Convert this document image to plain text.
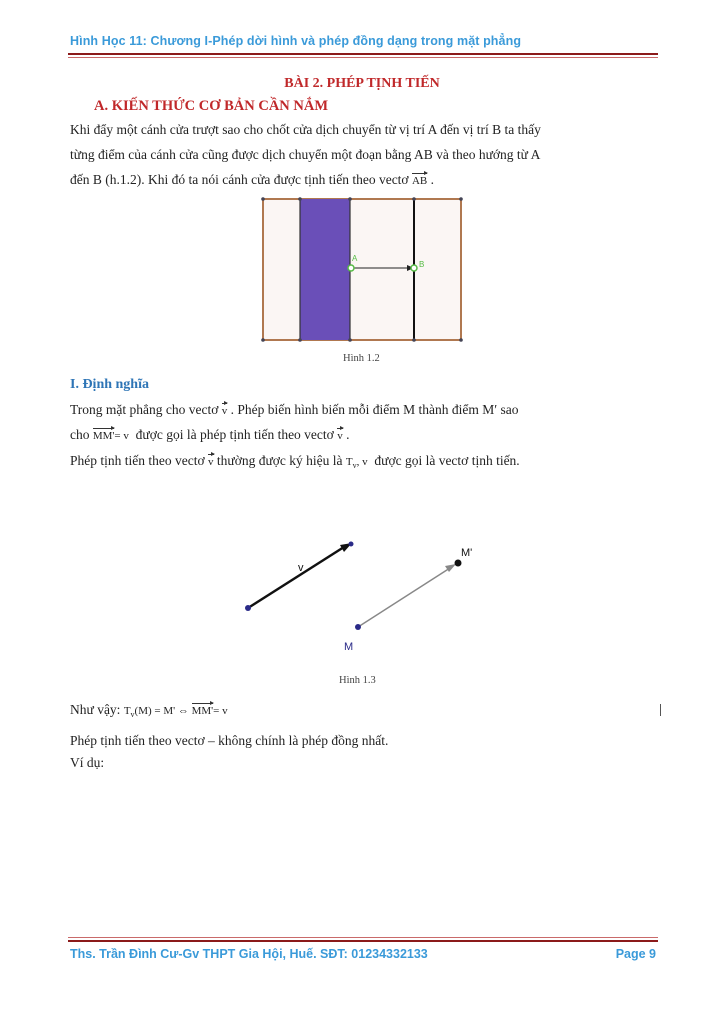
Hình Học 11: Chương I-Phép dời hình và phép đồng dạng trong mặt phẳng
BÀI 2. PHÉP TỊNH TIẾN
A. KIẾN THỨC CƠ BẢN CẦN NẮM
Khi đẩy một cánh cửa trượt sao cho chốt cửa dịch chuyển từ vị trí A đến vị trí B ta thấy
từng điểm của cánh cửa cũng được dịch chuyển một đoạn bằng AB và theo hướng từ A
đến B (h.1.2). Khi đó ta nói cánh cửa được tịnh tiến theo vectơ AB .
A
B
Hình 1.2
I. Định nghĩa
Trong mặt phẳng cho vectơ v . Phép biến hình biến mỗi điểm M thành điểm M′ sao
cho MM'= v được gọi là phép tịnh tiến theo vectơ v .
Phép tịnh tiến theo vectơ v thường được ký hiệu là $T_v$, v được gọi là vectơ tịnh tiến.
v
M
M'
Hình 1.3
Như vậy: $T_v(M) = M'$ ⇔ MM'= v
Phép tịnh tiến theo vectơ – không chính là phép đồng nhất.
Ví dụ:
Ths. Trần Đình Cư-Gv THPT Gia Hội, Huế. SĐT: 01234332133	Page 9
